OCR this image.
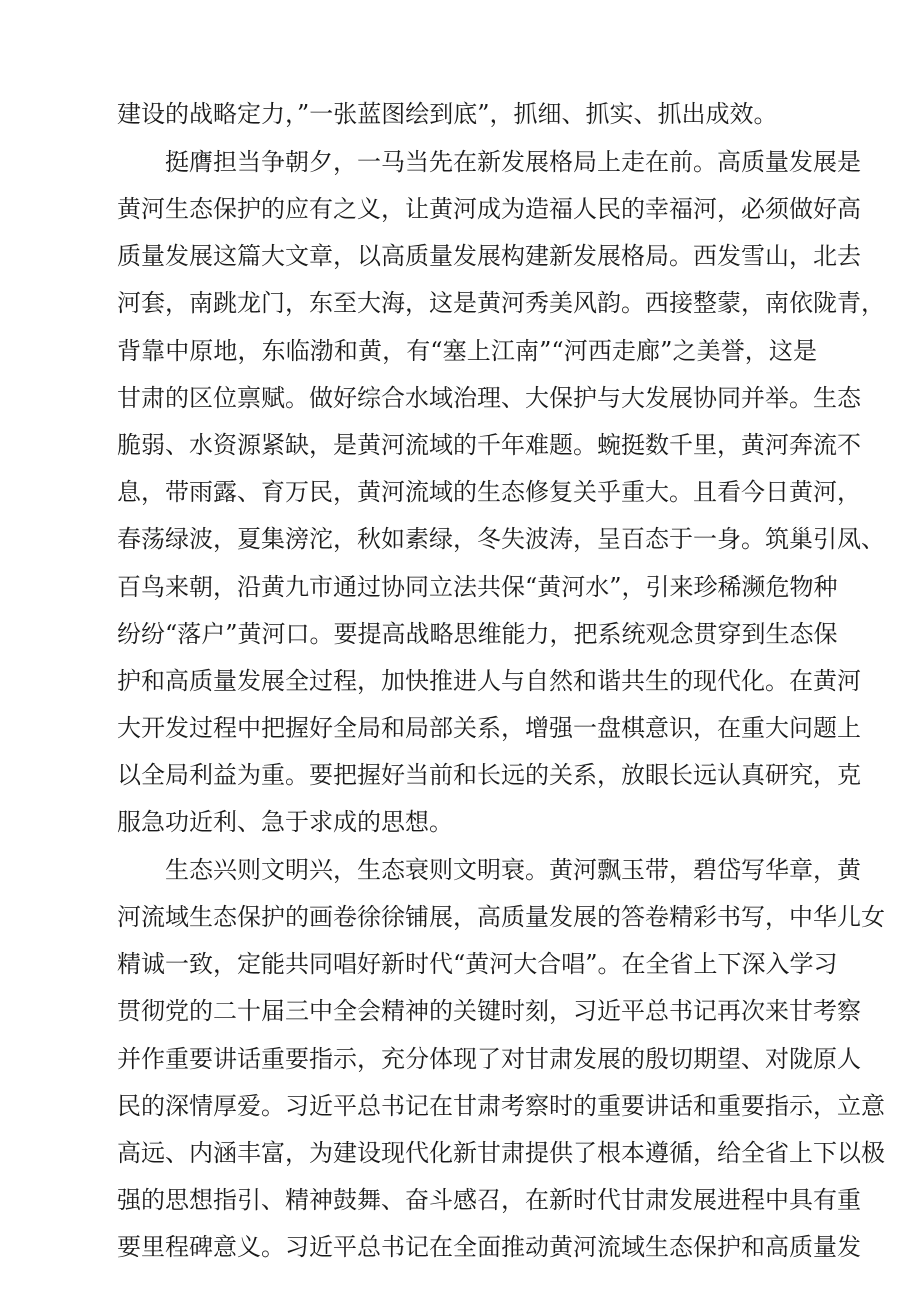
建设的战略定力，”一张蓝图绘到底”，抓细、抓实、抓出成效。
挺膺担当争朝夕，一马当先在新发展格局上走在前。高质量发展是
黄河生态保护的应有之义，让黄河成为造福人民的幸福河，必须做好高
质量发展这篇大文章，以高质量发展构建新发展格局。西发雪山，北去
河套，南跳龙门，东至大海，这是黄河秀美风韵。西接整蒙，南依陇青，
背靠中原地，东临渤和黄，有“塞上江南”“河西走廊”之美誉，这是
甘肃的区位禀赋。做好综合水域治理、大保护与大发展协同并举。生态
脆弱、水资源紧缺，是黄河流域的千年难题。蜿挺数千里，黄河奔流不
息，带雨露、育万民，黄河流域的生态修复关乎重大。且看今日黄河，
春荡绿波，夏集滂沱，秋如素绿，冬失波涛，呈百态于一身。筑巢引凤、
百鸟来朝，沿黄九市通过协同立法共保“黄河水”，引来珍稀濒危物种
纷纷“落户”黄河口。要提高战略思维能力，把系统观念贯穿到生态保
护和高质量发展全过程，加快推进人与自然和谐共生的现代化。在黄河
大开发过程中把握好全局和局部关系，增强一盘棋意识，在重大问题上
以全局利益为重。要把握好当前和长远的关系，放眼长远认真研究，克
服急功近利、急于求成的思想。
生态兴则文明兴，生态衰则文明衰。黄河飘玉带，碧岱写华章，黄
河流域生态保护的画卷徐徐铺展，高质量发展的答卷精彩书写，中华儿女
精诚一致，定能共同唱好新时代“黄河大合唱”。在全省上下深入学习
贯彻党的二十届三中全会精神的关键时刻，习近平总书记再次来甘考察
并作重要讲话重要指示，充分体现了对甘肃发展的殷切期望、对陇原人
民的深情厚爱。习近平总书记在甘肃考察时的重要讲话和重要指示，立意
高远、内涵丰富，为建设现代化新甘肃提供了根本遵循，给全省上下以极
强的思想指引、精神鼓舞、奋斗感召，在新时代甘肃发展进程中具有重
要里程碑意义。习近平总书记在全面推动黄河流域生态保护和高质量发
